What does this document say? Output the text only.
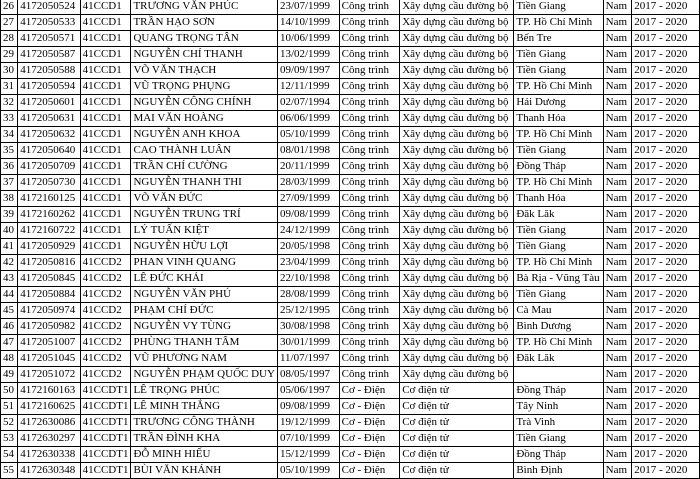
26	4172050524	41CCD1	TRƯƠNG VĂN PHÚC	23/07/1999	Công trình	Xây dựng cầu đường bộ	Tiền Giang	Nam	2017 - 2020
27	4172050533	41CCD1	TRẦN HẠO SƠN	14/10/1999	Công trình	Xây dựng cầu đường bộ	TP. Hồ Chí Minh	Nam	2017 - 2020
28	4172050571	41CCD1	QUANG TRỌNG TÂN	10/06/1999	Công trình	Xây dựng cầu đường bộ	Bến Tre	Nam	2017 - 2020
29	4172050587	41CCD1	NGUYỄN CHÍ THANH	13/02/1999	Công trình	Xây dựng cầu đường bộ	Tiền Giang	Nam	2017 - 2020
30	4172050588	41CCD1	VÕ VĂN THẠCH	09/09/1997	Công trình	Xây dựng cầu đường bộ	Tiền Giang	Nam	2017 - 2020
31	4172050594	41CCD1	VŨ TRỌNG PHỤNG	12/11/1999	Công trình	Xây dựng cầu đường bộ	TP. Hồ Chí Minh	Nam	2017 - 2020
32	4172050601	41CCD1	NGUYỄN CÔNG CHÍNH	02/07/1994	Công trình	Xây dựng cầu đường bộ	Hải Dương	Nam	2017 - 2020
33	4172050631	41CCD1	MAI VĂN HOÀNG	06/06/1999	Công trình	Xây dựng cầu đường bộ	Thanh Hóa	Nam	2017 - 2020
34	4172050632	41CCD1	NGUYỄN ANH KHOA	05/10/1999	Công trình	Xây dựng cầu đường bộ	TP. Hồ Chí Minh	Nam	2017 - 2020
35	4172050640	41CCD1	CAO THÀNH LUÂN	08/01/1998	Công trình	Xây dựng cầu đường bộ	Tiền Giang	Nam	2017 - 2020
36	4172050709	41CCD1	TRẦN CHÍ CƯỜNG	20/11/1999	Công trình	Xây dựng cầu đường bộ	Đồng Tháp	Nam	2017 - 2020
37	4172050730	41CCD1	NGUYỄN THANH THI	28/03/1999	Công trình	Xây dựng cầu đường bộ	TP. Hồ Chí Minh	Nam	2017 - 2020
38	4172160125	41CCD1	VÕ VĂN ĐỨC	27/09/1999	Công trình	Xây dựng cầu đường bộ	Thanh Hóa	Nam	2017 - 2020
39	4172160262	41CCD1	NGUYỄN TRUNG TRÍ	09/08/1999	Công trình	Xây dựng cầu đường bộ	Đăk Lăk	Nam	2017 - 2020
40	4172160722	41CCD1	LÝ TUẤN KIỆT	24/12/1999	Công trình	Xây dựng cầu đường bộ	Tiền Giang	Nam	2017 - 2020
41	4172050929	41CCD1	NGUYỄN HỮU LỢI	20/05/1998	Công trình	Xây dựng cầu đường bộ	Tiền Giang	Nam	2017 - 2020
42	4172050816	41CCD2	PHAN VINH QUANG	23/04/1999	Công trình	Xây dựng cầu đường bộ	TP. Hồ Chí Minh	Nam	2017 - 2020
43	4172050845	41CCD2	LÊ ĐỨC KHẢI	22/10/1998	Công trình	Xây dựng cầu đường bộ	Bà Rịa - Vũng Tàu	Nam	2017 - 2020
44	4172050884	41CCD2	NGUYỄN VĂN PHÚ	28/08/1999	Công trình	Xây dựng cầu đường bộ	Tiền Giang	Nam	2017 - 2020
45	4172050974	41CCD2	PHẠM CHÍ ĐỨC	25/12/1995	Công trình	Xây dựng cầu đường bộ	Cà Mau	Nam	2017 - 2020
46	4172050982	41CCD2	NGUYỄN VY TÙNG	30/08/1998	Công trình	Xây dựng cầu đường bộ	Bình Dương	Nam	2017 - 2020
47	4172051007	41CCD2	PHÙNG THANH TÂM	30/01/1999	Công trình	Xây dựng cầu đường bộ	TP. Hồ Chí Minh	Nam	2017 - 2020
48	4172051045	41CCD2	VŨ PHƯƠNG NAM	11/07/1997	Công trình	Xây dựng cầu đường bộ	Đăk Lăk	Nam	2017 - 2020
49	4172051072	41CCD2	NGUYỄN PHẠM QUỐC DUY	08/05/1997	Công trình	Xây dựng cầu đường bộ		Nam	2017 - 2020
50	4172160163	41CCDT1	LÊ TRỌNG PHÚC	05/06/1997	Cơ - Điện	Cơ điện tử	Đồng Tháp	Nam	2017 - 2020
51	4172160625	41CCDT1	LÊ MINH THẮNG	09/08/1999	Cơ - Điện	Cơ điện tử	Tây Ninh	Nam	2017 - 2020
52	4172630086	41CCDT1	TRƯƠNG CÔNG THÀNH	19/12/1999	Cơ - Điện	Cơ điện tử	Trà Vinh	Nam	2017 - 2020
53	4172630297	41CCDT1	TRẦN ĐÌNH KHA	07/10/1999	Cơ - Điện	Cơ điện tử	Tiền Giang	Nam	2017 - 2020
54	4172630338	41CCDT1	ĐỖ MINH HIẾU	15/12/1999	Cơ - Điện	Cơ điện tử	Đồng Tháp	Nam	2017 - 2020
55	4172630348	41CCDT1	BÙI VĂN KHÁNH	05/10/1999	Cơ - Điện	Cơ điện tử	Bình Định	Nam	2017 - 2020
